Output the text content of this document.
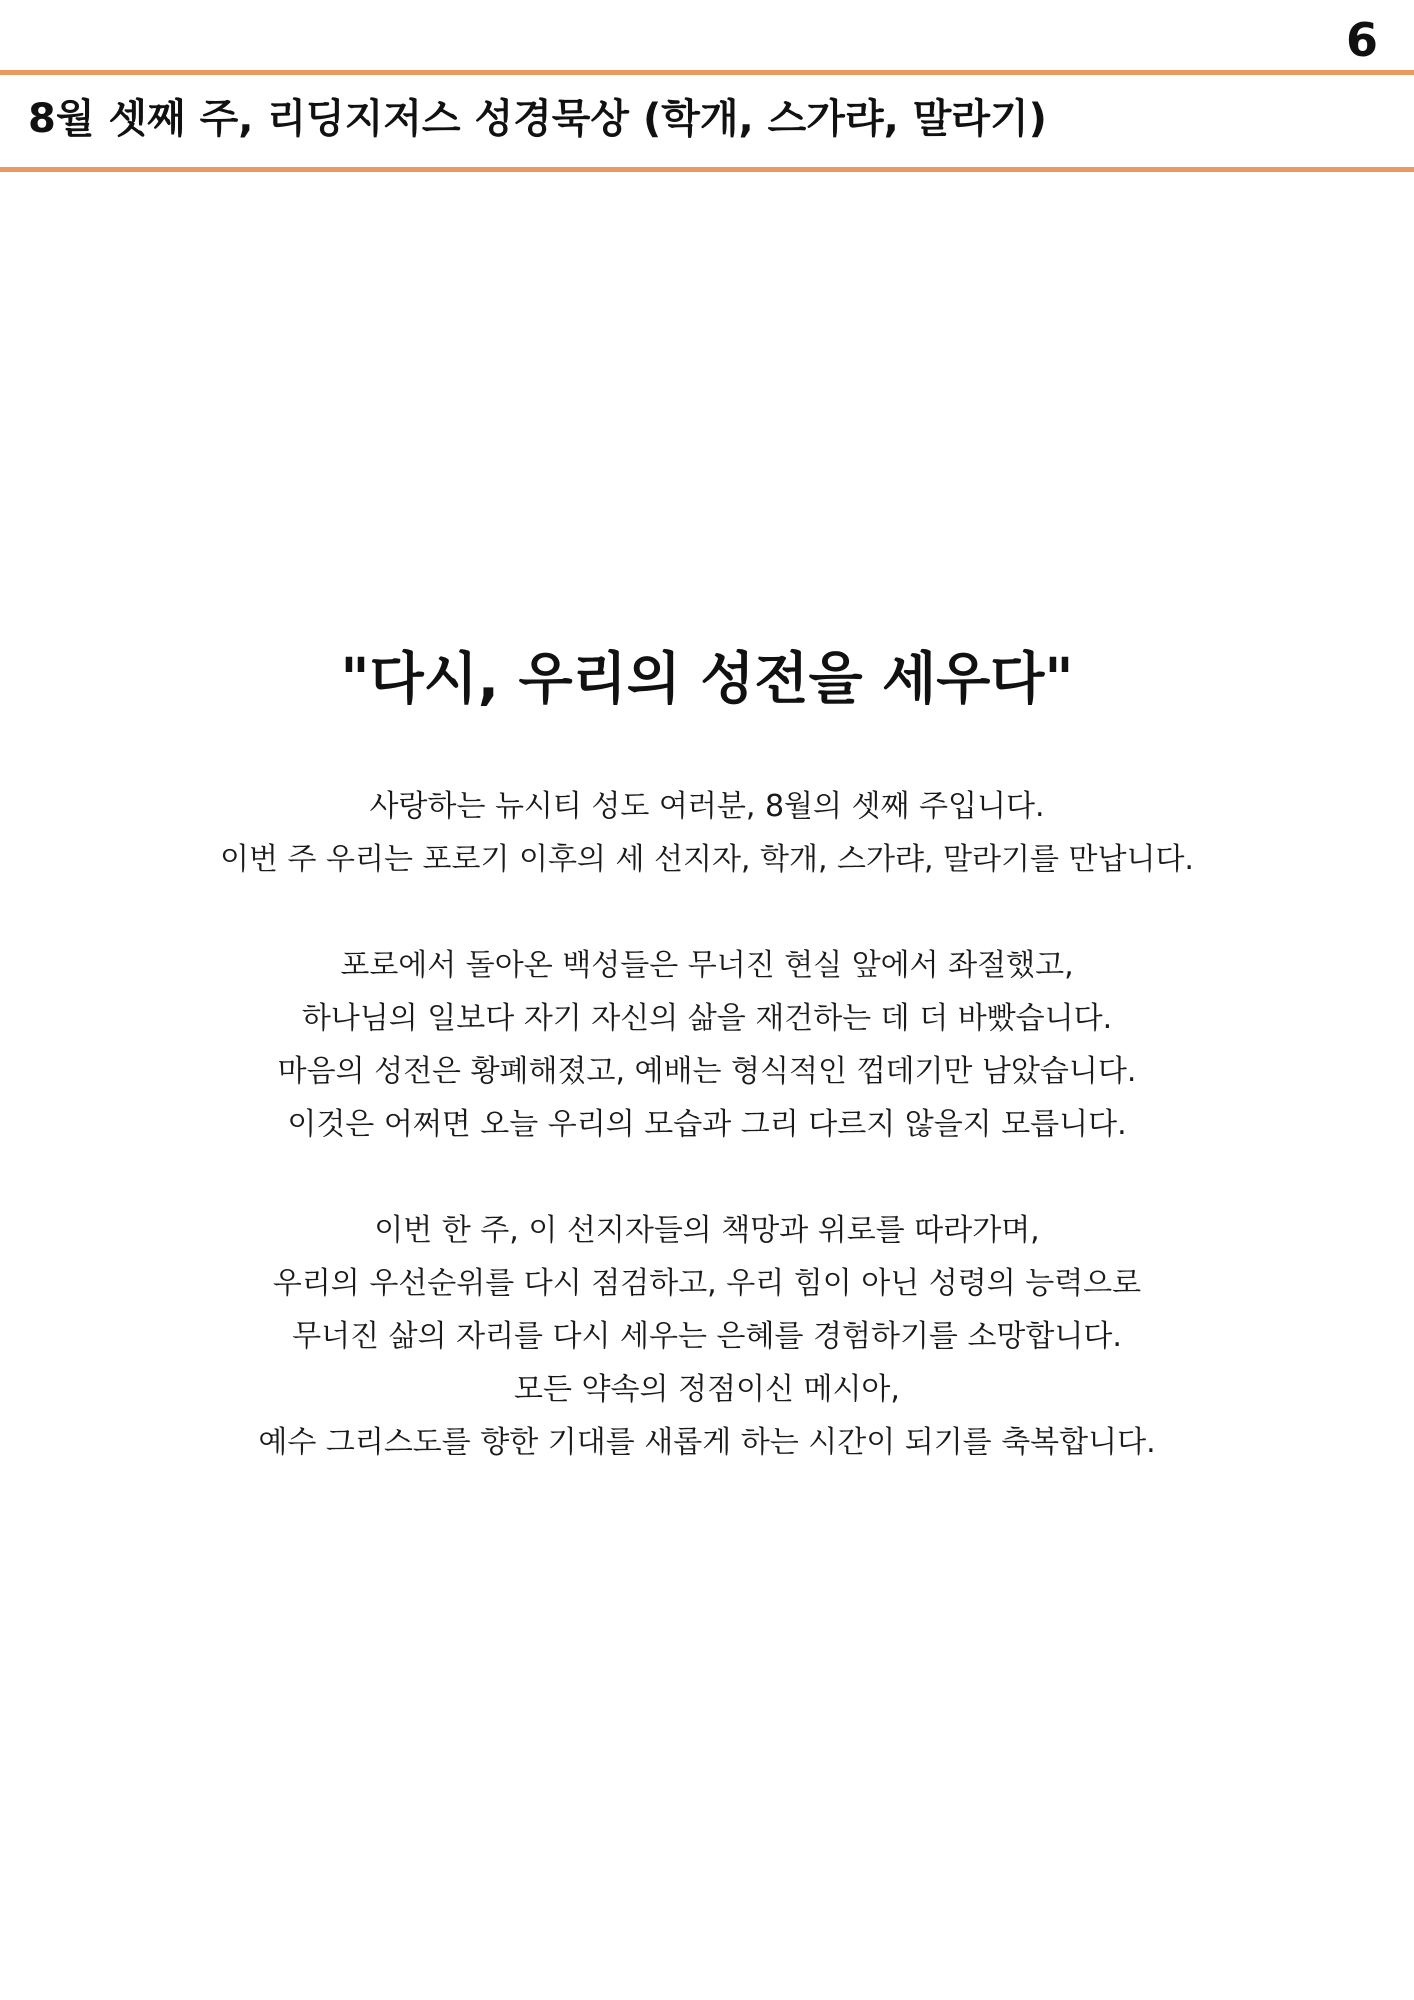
6
8월 셋째 주, 리딩지저스 성경묵상 (학개, 스가랴, 말라기)
"다시, 우리의 성전을 세우다"

사랑하는 뉴시티 성도 여러분, 8월의 셋째 주입니다.
이번 주 우리는 포로기 이후의 세 선지자, 학개, 스가랴, 말라기를 만납니다.

포로에서 돌아온 백성들은 무너진 현실 앞에서 좌절했고,
하나님의 일보다 자기 자신의 삶을 재건하는 데 더 바빴습니다.
마음의 성전은 황폐해졌고, 예배는 형식적인 껍데기만 남았습니다.
이것은 어쩌면 오늘 우리의 모습과 그리 다르지 않을지 모릅니다.

이번 한 주, 이 선지자들의 책망과 위로를 따라가며,
우리의 우선순위를 다시 점검하고, 우리 힘이 아닌 성령의 능력으로
무너진 삶의 자리를 다시 세우는 은혜를 경험하기를 소망합니다.
모든 약속의 정점이신 메시아,
예수 그리스도를 향한 기대를 새롭게 하는 시간이 되기를 축복합니다.
